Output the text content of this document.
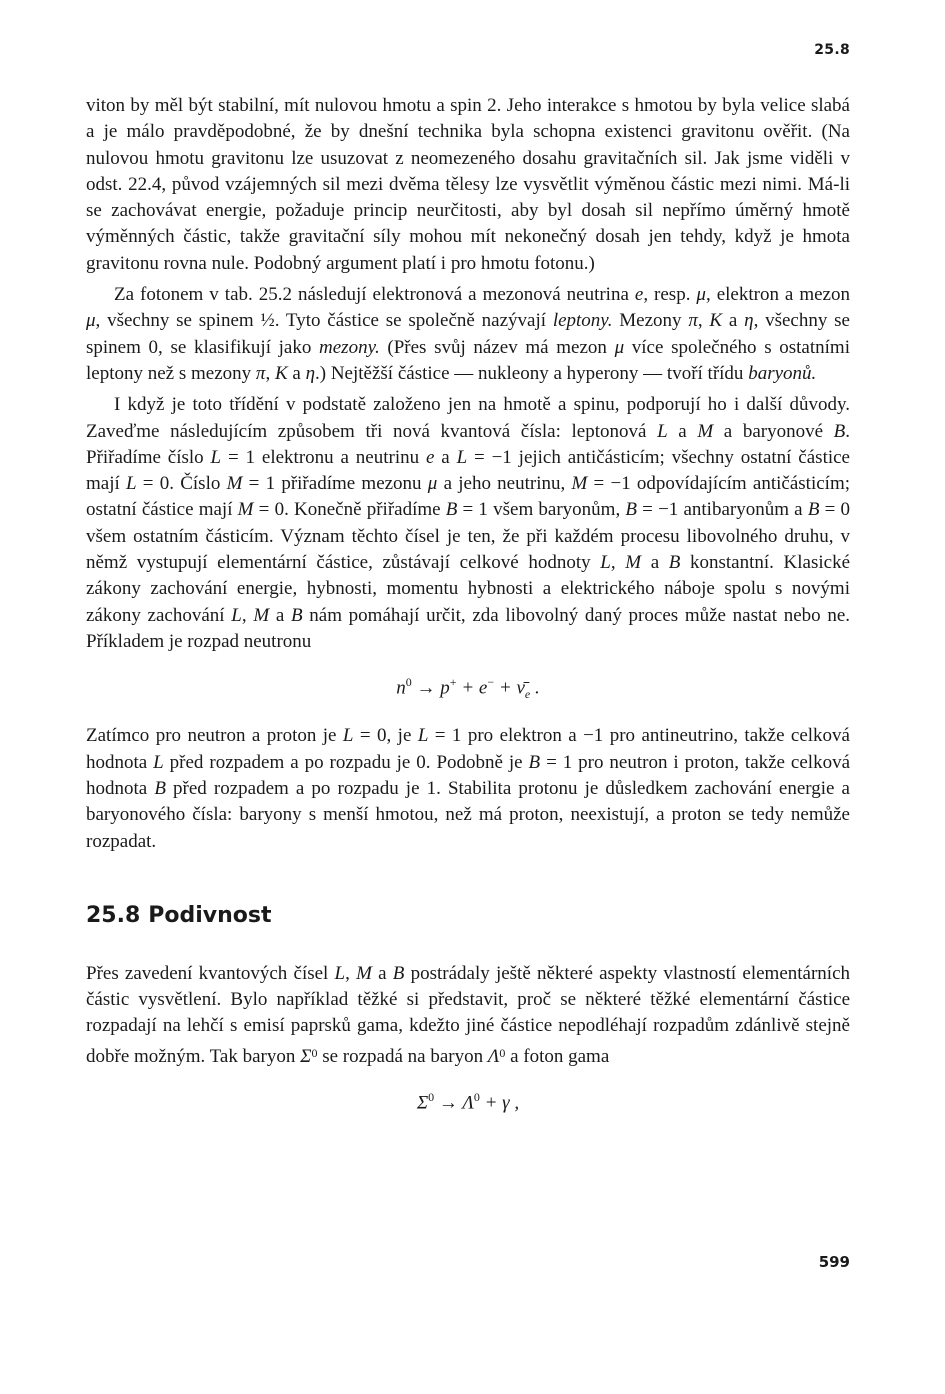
25.8

viton by měl být stabilní, mít nulovou hmotu a spin 2. Jeho interakce s hmotou by byla velice slabá a je málo pravděpodobné, že by dnešní technika byla schopna existenci gravitonu ověřit. (Na nulovou hmotu gravitonu lze usuzovat z neomezeného dosahu gravitačních sil. Jak jsme viděli v odst. 22.4, původ vzájemných sil mezi dvěma tělesy lze vysvětlit výměnou částic mezi nimi. Má-li se zachovávat energie, požaduje princip neurčitosti, aby byl dosah sil nepřímo úměrný hmotě výměnných částic, takže gravitační síly mohou mít nekonečný dosah jen tehdy, když je hmota gravitonu rovna nule. Podobný argument platí i pro hmotu fotonu.)

Za fotonem v tab. 25.2 následují elektronová a mezonová neutrina e, resp. μ, elektron a mezon μ, všechny se spinem ½. Tyto částice se společně nazývají leptony. Mezony π, K a η, všechny se spinem 0, se klasifikují jako mezony. (Přes svůj název má mezon μ více společného s ostatními leptony než s mezony π, K a η.) Nejtěžší částice — nukleony a hyperony — tvoří třídu baryonů.

I když je toto třídění v podstatě založeno jen na hmotě a spinu, podporují ho i další důvody. Zaveďme následujícím způsobem tři nová kvantová čísla: leptonová L a M a baryonové B. Přiřadíme číslo L = 1 elektronu a neutrinu e a L = −1 jejich antičásticím; všechny ostatní částice mají L = 0. Číslo M = 1 přiřadíme mezonu μ a jeho neutrinu, M = −1 odpovídajícím antičásticím; ostatní částice mají M = 0. Konečně přiřadíme B = 1 všem baryonům, B = −1 antibaryonům a B = 0 všem ostatním částicím. Význam těchto čísel je ten, že při každém procesu libovolného druhu, v němž vystupují elementární částice, zůstávají celkové hodnoty L, M a B konstantní. Klasické zákony zachování energie, hybnosti, momentu hybnosti a elektrického náboje spolu s novými zákony zachování L, M a B nám pomáhají určit, zda libovolný daný proces může nastat nebo ne. Příkladem je rozpad neutronu

$n^0 \to p^+ + e^-$ + $\nū_e$ .

Zatímco pro neutron a proton je L = 0, je L = 1 pro elektron a −1 pro antineutrino, takže celková hodnota L před rozpadem a po rozpadu je 0. Podobně je B = 1 pro neutron i proton, takže celková hodnota B před rozpadem a po rozpadu je 1. Stabilita protonu je důsledkem zachování energie a baryonového čísla: baryony s menší hmotou, než má proton, neexistují, a proton se tedy nemůže rozpadat.

25.8 Podivnost

Přes zavedení kvantových čísel L, M a B postrádaly ještě některé aspekty vlastností elementárních částic vysvětlení. Bylo například těžké si představit, proč se některé těžké elementární částice rozpadají na lehčí s emisí paprsků gama, kdežto jiné částice nepodléhají rozpadům zdánlivě stejně dobře možným. Tak baryon $\Sigma^0$ se rozpadá na baryon $\Lambda^0$ a foton gama

$\Sigma^0 \to \Lambda^0 + \gamma$ ,
599
